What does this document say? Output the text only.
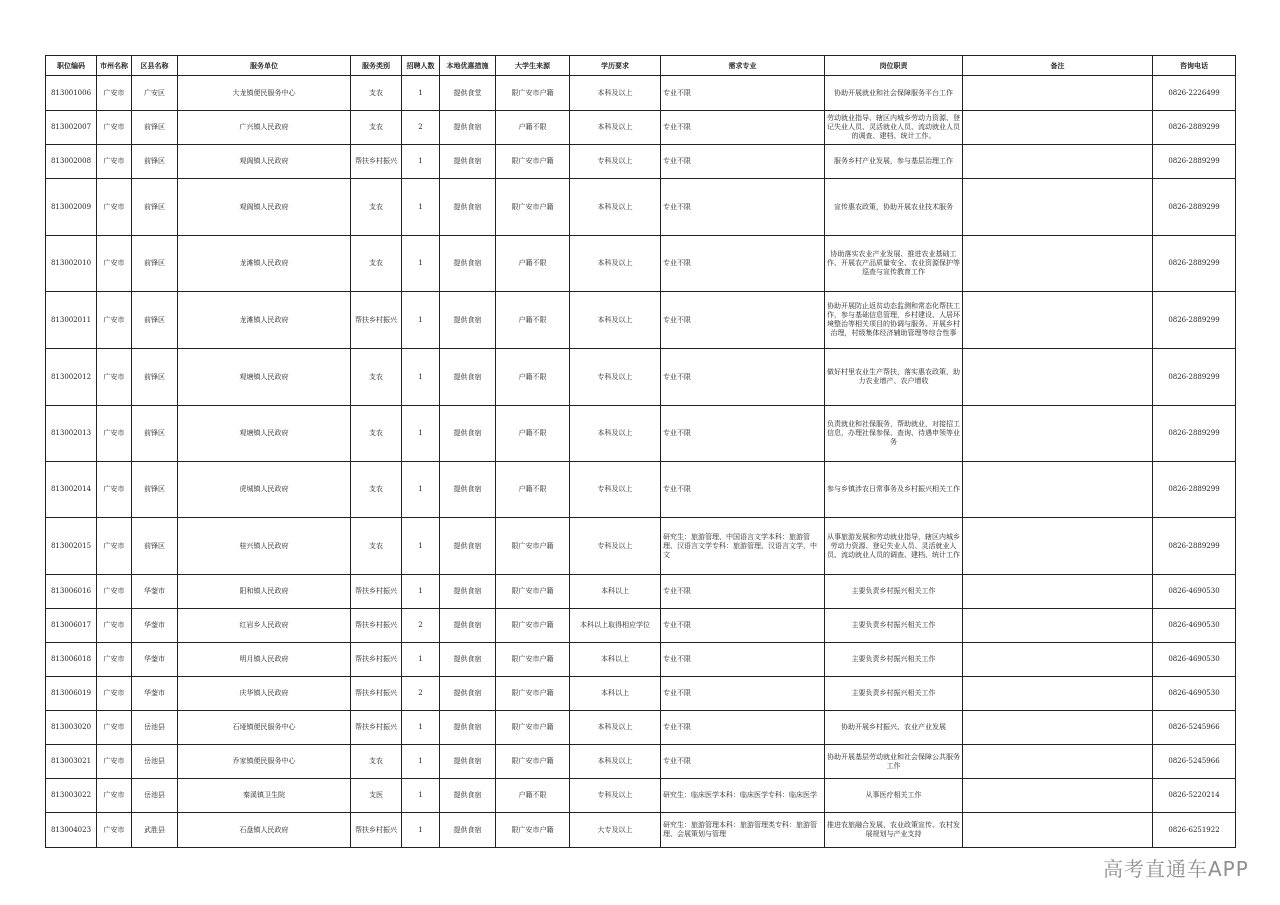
职位编码	市州名称	区县名称	服务单位	服务类别	招聘人数	本地优惠措施	大学生来源	学历要求	需求专业	岗位职责	备注	咨询电话
813001006	广安市	广安区	大龙镇便民服务中心	支农	1	提供食堂	限广安市户籍	本科及以上	专业不限	协助开展就业和社会保障服务平台工作		0826-2226499
813002007	广安市	前锋区	广兴镇人民政府	支农	2	提供食宿	户籍不限	本科及以上	专业不限	劳动就业指导、辖区内城乡劳动力资源、登记失业人员、灵活就业人员、流动就业人员的调查、建档、统计工作。		0826-2889299
813002008	广安市	前锋区	观阁镇人民政府	帮扶乡村振兴	1	提供食宿	限广安市户籍	专科及以上	专业不限	服务乡村产业发展，参与基层治理工作		0826-2889299
813002009	广安市	前锋区	观阁镇人民政府	支农	1	提供食宿	限广安市户籍	本科及以上	专业不限	宣传惠农政策，协助开展农业技术服务		0826-2889299
813002010	广安市	前锋区	龙滩镇人民政府	支农	1	提供食宿	户籍不限	本科及以上	专业不限	协助落实农业产业发展、推进农业基础工作、开展农产品质量安全、农业资源保护等巡查与宣传教育工作		0826-2889299
813002011	广安市	前锋区	龙滩镇人民政府	帮扶乡村振兴	1	提供食宿	户籍不限	本科及以上	专业不限	协助开展防止返贫动态监测和常态化帮扶工作，参与基础信息管理，乡村建设、人居环境整治等相关项目的协调与服务、开展乡村治理，村级集体经济辅助管理等综合性事		0826-2889299
813002012	广安市	前锋区	观塘镇人民政府	支农	1	提供食宿	户籍不限	专科及以上	专业不限	做好村里农业生产帮扶，落实惠农政策，助力农业增产、农户增收		0826-2889299
813002013	广安市	前锋区	观塘镇人民政府	支农	1	提供食宿	户籍不限	本科及以上	专业不限	负责就业和社保服务，帮助就业，对接招工信息，办理社保参保、查询、待遇申领等业务		0826-2889299
813002014	广安市	前锋区	虎城镇人民政府	支农	1	提供食宿	户籍不限	专科及以上	专业不限	参与乡镇涉农日常事务及乡村振兴相关工作		0826-2889299
813002015	广安市	前锋区	桂兴镇人民政府	支农	1	提供食宿	限广安市户籍	专科及以上	研究生：旅游管理、中国语言文学本科：旅游管理、汉语言文学专科：旅游管理、汉语言文学，中文	从事旅游发展和劳动就业指导，辖区内城乡劳动力资源、登记失业人员、灵活就业人员、流动就业人员的调查、建档、统计工作		0826-2889299
813006016	广安市	华蓥市	阳和镇人民政府	帮扶乡村振兴	1	提供食宿	限广安市户籍	本科以上	专业不限	主要负责乡村振兴相关工作		0826-4690530
813006017	广安市	华蓥市	红岩乡人民政府	帮扶乡村振兴	2	提供食宿	限广安市户籍	本科以上取得相应学位	专业不限	主要负责乡村振兴相关工作		0826-4690530
813006018	广安市	华蓥市	明月镇人民政府	帮扶乡村振兴	1	提供食宿	限广安市户籍	本科以上	专业不限	主要负责乡村振兴相关工作		0826-4690530
813006019	广安市	华蓥市	庆华镇人民政府	帮扶乡村振兴	2	提供食宿	限广安市户籍	本科以上	专业不限	主要负责乡村振兴相关工作		0826-4690530
813003020	广安市	岳池县	石垭镇便民服务中心	帮扶乡村振兴	1	提供食宿	限广安市户籍	本科及以上	专业不限	协助开展乡村振兴、农业产业发展		0826-5245966
813003021	广安市	岳池县	乔家镇便民服务中心	支农	1	提供食宿	限广安市户籍	本科及以上	专业不限	协助开展基层劳动就业和社会保障公共服务工作		0826-5245966
813003022	广安市	岳池县	秦溪镇卫生院	支医	1	提供食宿	户籍不限	专科及以上	研究生：临床医学本科：临床医学专科：临床医学	从事医疗相关工作		0826-5220214
813004023	广安市	武胜县	石盘镇人民政府	帮扶乡村振兴	1	提供食宿	限广安市户籍	大专及以上	研究生：旅游管理本科：旅游管理类专科：旅游管理、会展策划与管理	推进农旅融合发展、农业政策宣传、农村发展规划与产业支持		0826-6251922
高考直通车APP
